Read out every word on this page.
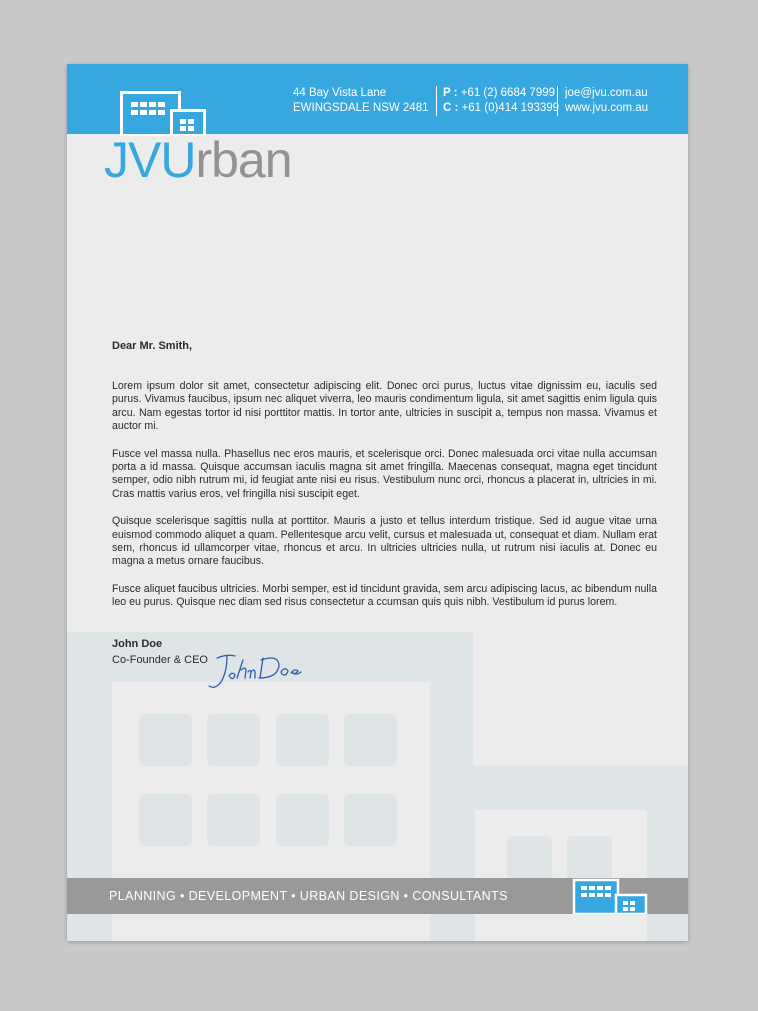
44 Bay Vista Lane
EWINGSDALE NSW 2481
P : +61 (2) 6684 7999
C : +61 (0)414 193399
joe@jvu.com.au
www.jvu.com.au
JVUrban

Dear Mr. Smith,

Lorem ipsum dolor sit amet, consectetur adipiscing elit. Donec orci purus, luctus vitae dignissim eu, iaculis sed purus. Vivamus faucibus, ipsum nec aliquet viverra, leo mauris condimentum ligula, sit amet sagittis enim ligula quis arcu. Nam egestas tortor id nisi porttitor mattis. In tortor ante, ultricies in suscipit a, tempus non massa. Vivamus et auctor mi.

Fusce vel massa nulla. Phasellus nec eros mauris, et scelerisque orci. Donec malesuada orci vitae nulla accumsan porta a id massa. Quisque accumsan iaculis magna sit amet fringilla. Maecenas consequat, magna eget tincidunt semper, odio nibh rutrum mi, id feugiat ante nisi eu risus. Vestibulum nunc orci, rhoncus a placerat in, ultricies in mi. Cras mattis varius eros, vel fringilla nisi suscipit eget.

Quisque scelerisque sagittis nulla at porttitor. Mauris a justo et tellus interdum tristique. Sed id augue vitae urna euismod commodo aliquet a quam. Pellentesque arcu velit, cursus et malesuada ut, consequat et diam. Nullam erat sem, rhoncus id ullamcorper vitae, rhoncus et arcu. In ultricies ultricies nulla, ut rutrum nisi iaculis at. Donec eu magna a metus ornare faucibus.

Fusce aliquet faucibus ultricies. Morbi semper, est id tincidunt gravida, sem arcu adipiscing lacus, ac bibendum nulla leo eu purus. Quisque nec diam sed risus consectetur a ccumsan quis quis nibh. Vestibulum id purus lorem.

John Doe
Co-Founder & CEO
PLANNING • DEVELOPMENT • URBAN DESIGN • CONSULTANTS
